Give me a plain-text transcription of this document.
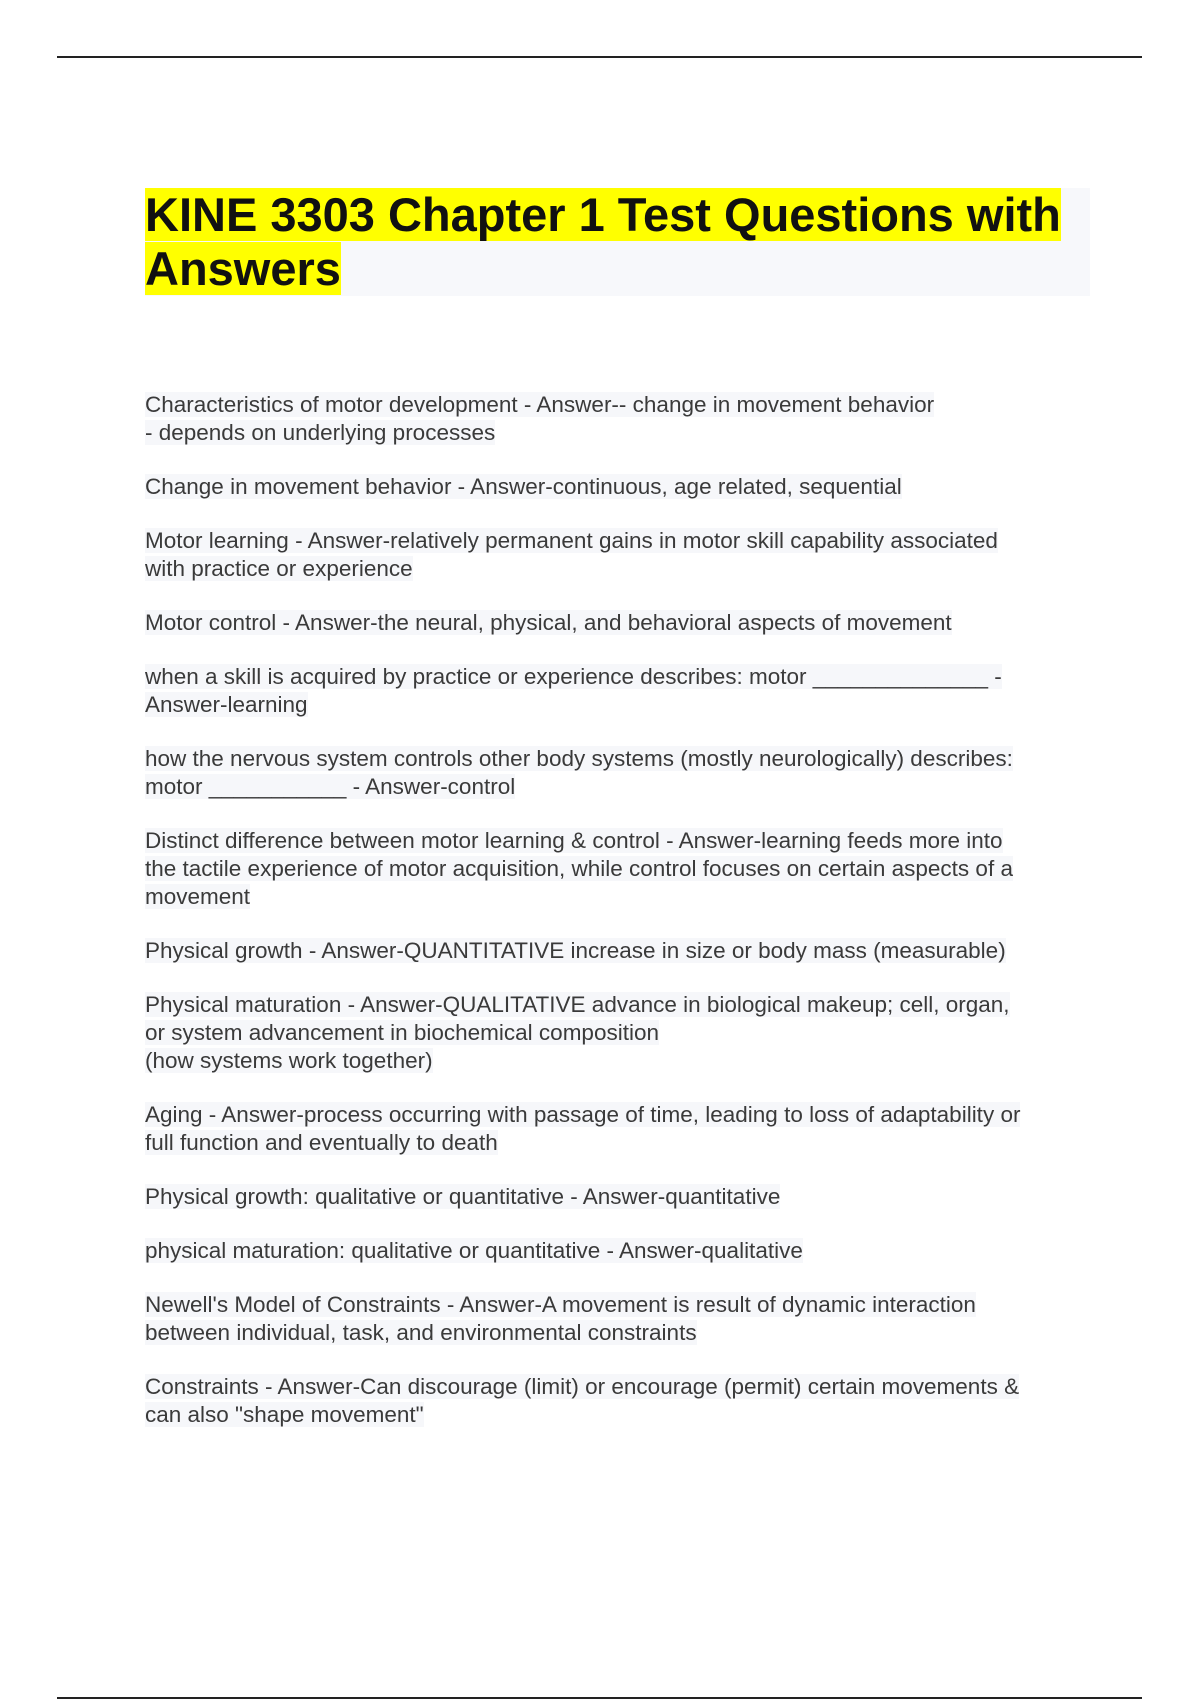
KINE 3303 Chapter 1 Test Questions with
Answers

Characteristics of motor development - Answer-- change in movement behavior
- depends on underlying processes

Change in movement behavior - Answer-continuous, age related, sequential

Motor learning - Answer-relatively permanent gains in motor skill capability associated
with practice or experience

Motor control - Answer-the neural, physical, and behavioral aspects of movement

when a skill is acquired by practice or experience describes: motor ______________ -
Answer-learning

how the nervous system controls other body systems (mostly neurologically) describes:
motor ___________ - Answer-control

Distinct difference between motor learning & control - Answer-learning feeds more into
the tactile experience of motor acquisition, while control focuses on certain aspects of a
movement

Physical growth - Answer-QUANTITATIVE increase in size or body mass (measurable)

Physical maturation - Answer-QUALITATIVE advance in biological makeup; cell, organ,
or system advancement in biochemical composition
(how systems work together)

Aging - Answer-process occurring with passage of time, leading to loss of adaptability or
full function and eventually to death

Physical growth: qualitative or quantitative - Answer-quantitative

physical maturation: qualitative or quantitative - Answer-qualitative

Newell's Model of Constraints - Answer-A movement is result of dynamic interaction
between individual, task, and environmental constraints

Constraints - Answer-Can discourage (limit) or encourage (permit) certain movements &
can also "shape movement"
